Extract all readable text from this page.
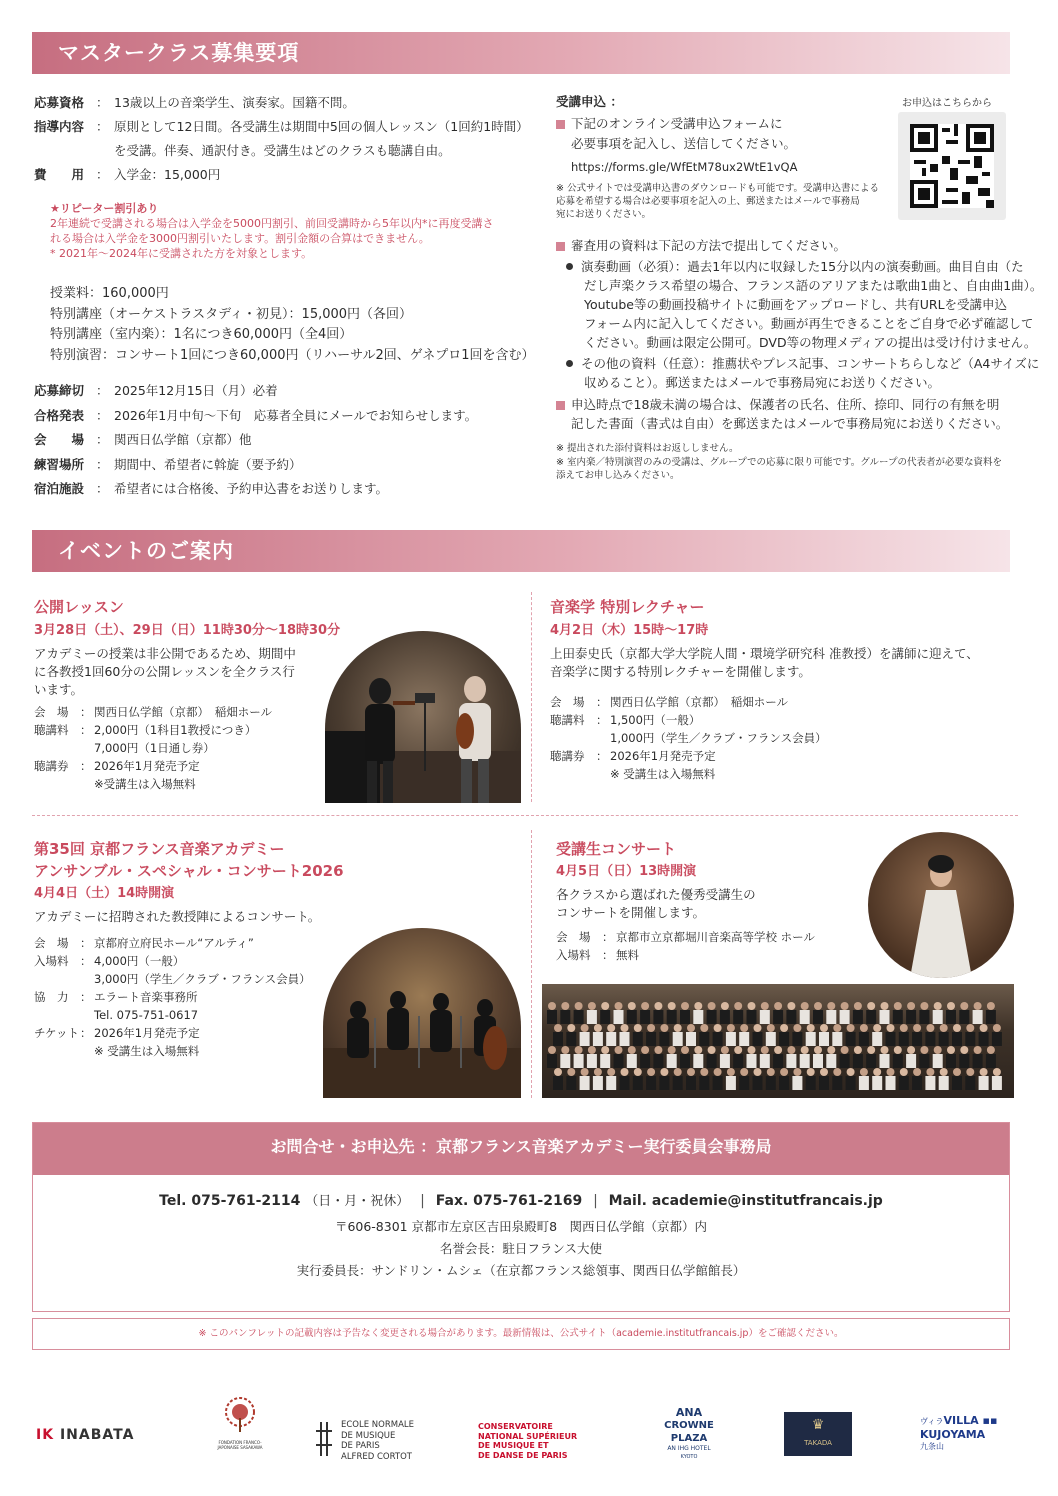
マスタークラス募集要項
応募資格 ： 13歳以上の音楽学生、演奏家。国籍不問。
指導内容 ： 原則として12日間。各受講生は期間中5回の個人レッスン（1回約1時間）
を受講。伴奏、通訳付き。受講生はどのクラスも聴講自由。
費　　用 ： 入学金：15,000円
★リピーター割引あり
2年連続で受講される場合は入学金を5000円割引、前回受講時から5年以内*に再度受講さ
れる場合は入学金を3000円割引いたします。割引金額の合算はできません。
* 2021年～2024年に受講された方を対象とします。
授業料：160,000円
特別講座（オーケストラスタディ・初見）：15,000円（各回）
特別講座（室内楽）：1名につき60,000円（全4回）
特別演習：コンサート1回につき60,000円（リハーサル2回、ゲネプロ1回を含む）
応募締切 ： 2025年12月15日（月）必着
合格発表 ： 2026年1月中旬～下旬　応募者全員にメールでお知らせします。
会　　場 ： 関西日仏学館（京都）他
練習場所 ： 期間中、希望者に斡旋（要予約）
宿泊施設 ： 希望者には合格後、予約申込書をお送りします。
受講申込 ：	お申込はこちらから
下記のオンライン受講申込フォームに
必要事項を記入し、送信してください。
https://forms.gle/WfEtM78ux2WtE1vQA
※ 公式サイトでは受講申込書のダウンロードも可能です。受講申込書による
応募を希望する場合は必要事項を記入の上、郵送またはメールで事務局
宛にお送りください。
審査用の資料は下記の方法で提出してください。
演奏動画（必須）：過去1年以内に収録した15分以内の演奏動画。曲目自由（た
だし声楽クラス希望の場合、フランス語のアリアまたは歌曲1曲と、自由曲1曲）。
Youtube等の動画投稿サイトに動画をアップロードし、共有URLを受講申込
フォーム内に記入してください。動画が再生できることをご自身で必ず確認して
ください。動画は限定公開可。DVD等の物理メディアの提出は受け付けません。
その他の資料（任意）：推薦状やプレス記事、コンサートちらしなど（A4サイズに
収めること）。郵送またはメールで事務局宛にお送りください。
申込時点で18歳未満の場合は、保護者の氏名、住所、捺印、同行の有無を明
記した書面（書式は自由）を郵送またはメールで事務局宛にお送りください。
※ 提出された添付資料はお返ししません。
※ 室内楽／特別演習のみの受講は、グループでの応募に限り可能です。グループの代表者が必要な資料を
添えてお申し込みください。
イベントのご案内
公開レッスン
3月28日（土）、29日（日）11時30分～18時30分
アカデミーの授業は非公開であるため、期間中
に各教授1回60分の公開レッスンを全クラス行
います。
会　場	： 関西日仏学館（京都）　稲畑ホール
聴講料	： 2,000円（1科目1教授につき）
7,000円（1日通し券）
聴講券	： 2026年1月発売予定
※受講生は入場無料
音楽学 特別レクチャー
4月2日（木）15時～17時
上田泰史氏（京都大学大学院人間・環境学研究科 准教授）を講師に迎えて、
音楽学に関する特別レクチャーを開催します。
会　場	： 関西日仏学館（京都）　稲畑ホール
聴講料	： 1,500円（一般）
1,000円（学生／クラブ・フランス会員）
聴講券	： 2026年1月発売予定
※ 受講生は入場無料
第35回 京都フランス音楽アカデミー
アンサンブル・スペシャル・コンサート2026
4月4日（土）14時開演
アカデミーに招聘された教授陣によるコンサート。
会　場	： 京都府立府民ホール“アルティ”
入場料	： 4,000円（一般）
3,000円（学生／クラブ・フランス会員）
協　力	： エラート音楽事務所
Tel. 075-751-0617
チケット ： 2026年1月発売予定
※ 受講生は入場無料
受講生コンサート
4月5日（日）13時開演
各クラスから選ばれた優秀受講生の
コンサートを開催します。
会　場	： 京都市立京都堀川音楽高等学校 ホール
入場料	： 無料
お問合せ・お申込先 ：京都フランス音楽アカデミー実行委員会事務局
Tel. 075-761-2114 （日・月・祝休） | Fax. 075-761-2169 | Mail. academie@institutfrancais.jp
〒606-8301 京都市左京区吉田泉殿町8　関西日仏学館（京都）内
名誉会長：駐日フランス大使
実行委員長：サンドリン・ムシェ（在京都フランス総領事、関西日仏学館館長）
※ このパンフレットの記載内容は予告なく変更される場合があります。最新情報は、公式サイト（academie.institutfrancais.jp）をご確認ください。
IK INABATA	FONDATION FRANCO-JAPONAISE SASAKAWA
ECOLE NORMALE
DE MUSIQUE
DE PARIS
ALFRED CORTOT
CONSERVATOIRE
NATIONAL SUPÉRIEUR
DE MUSIQUE ET
DE DANSE DE PARIS
ANA
CROWNE PLAZA
AN IHG HOTEL
KYOTO
♛
TAKADA
ヴィラVILLA ▪▪
KUJOYAMA
九条山
